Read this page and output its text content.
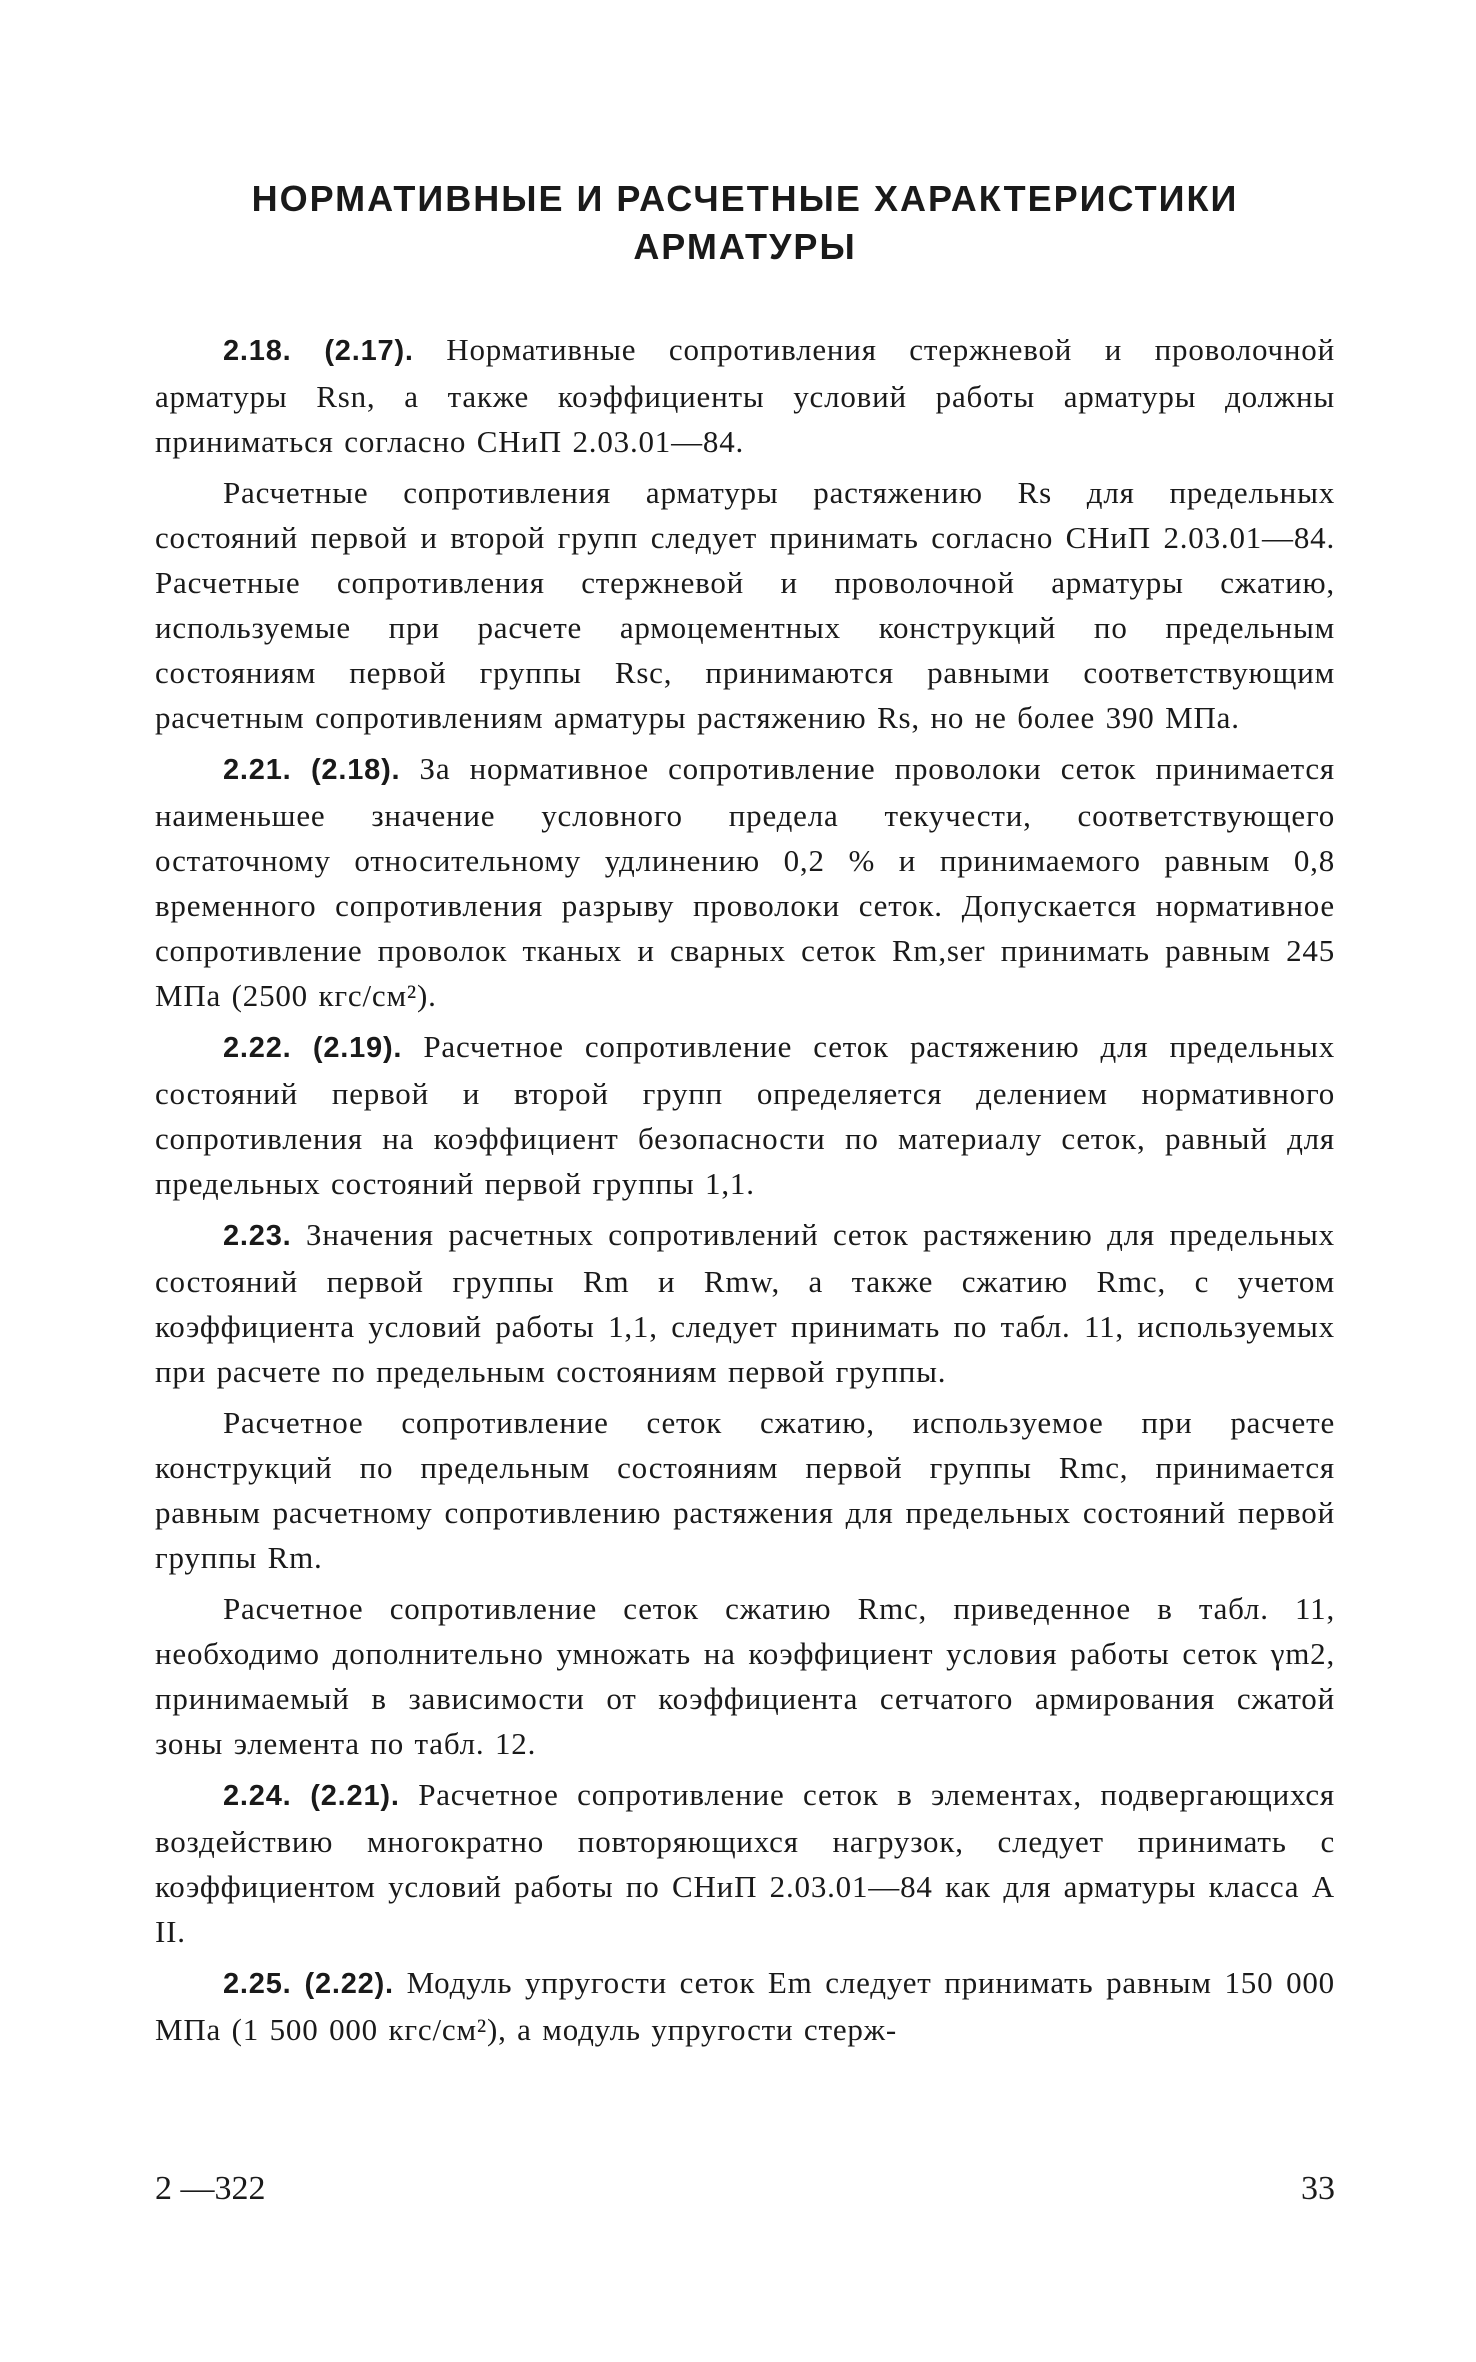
НОРМАТИВНЫЕ И РАСЧЕТНЫЕ ХАРАКТЕРИСТИКИ
АРМАТУРЫ

2.18. (2.17). Нормативные сопротивления стержневой и проволочной арматуры Rsn, а также коэффициенты условий работы арматуры должны приниматься согласно СНиП 2.03.01—84.

Расчетные сопротивления арматуры растяжению Rs для предельных состояний первой и второй групп следует принимать согласно СНиП 2.03.01—84. Расчетные сопротивления стержневой и проволочной арматуры сжатию, используемые при расчете армоцементных конструкций по предельным состояниям первой группы Rsc, принимаются равными соответствующим расчетным сопротивлениям арматуры растяжению Rs, но не более 390 МПа.

2.21. (2.18). За нормативное сопротивление проволоки сеток принимается наименьшее значение условного предела текучести, соответствующего остаточному относительному удлинению 0,2 % и принимаемого равным 0,8 временного сопротивления разрыву проволоки сеток. Допускается нормативное сопротивление проволок тканых и сварных сеток Rm,ser принимать равным 245 МПа (2500 кгс/см²).

2.22. (2.19). Расчетное сопротивление сеток растяжению для предельных состояний первой и второй групп определяется делением нормативного сопротивления на коэффициент безопасности по материалу сеток, равный для предельных состояний первой группы 1,1.

2.23. Значения расчетных сопротивлений сеток растяжению для предельных состояний первой группы Rm и Rmw, а также сжатию Rmc, с учетом коэффициента условий работы 1,1, следует принимать по табл. 11, используемых при расчете по предельным состояниям первой группы.

Расчетное сопротивление сеток сжатию, используемое при расчете конструкций по предельным состояниям первой группы Rmc, принимается равным расчетному сопротивлению растяжения для предельных состояний первой группы Rm.

Расчетное сопротивление сеток сжатию Rmc, приведенное в табл. 11, необходимо дополнительно умножать на коэффициент условия работы сеток γm2, принимаемый в зависимости от коэффициента сетчатого армирования сжатой зоны элемента по табл. 12.

2.24. (2.21). Расчетное сопротивление сеток в элементах, подвергающихся воздействию многократно повторяющихся нагрузок, следует принимать с коэффициентом условий работы по СНиП 2.03.01—84 как для арматуры класса А II.

2.25. (2.22). Модуль упругости сеток Em следует принимать равным 150 000 МПа (1 500 000 кгс/см²), а модуль упругости стерж-

2 —322	33
